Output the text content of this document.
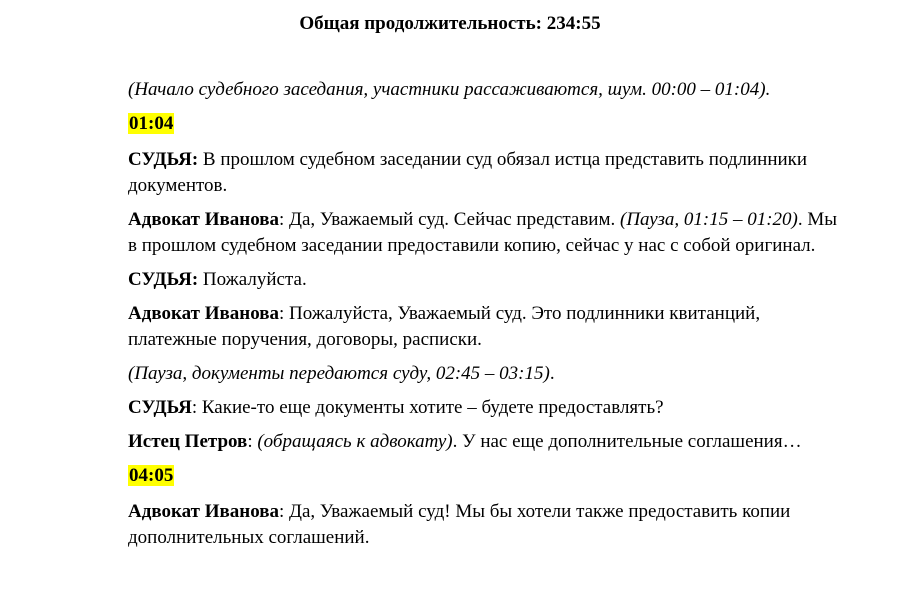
Общая продолжительность: 234:55

(Начало судебного заседания, участники рассаживаются, шум. 00:00 – 01:04).

01:04

СУДЬЯ: В прошлом судебном заседании суд обязал истца представить подлинники документов.

Адвокат Иванова: Да, Уважаемый суд. Сейчас представим. (Пауза, 01:15 – 01:20). Мы в прошлом судебном заседании предоставили копию, сейчас у нас с собой оригинал.

СУДЬЯ: Пожалуйста.

Адвокат Иванова: Пожалуйста, Уважаемый суд. Это подлинники квитанций, платежные поручения, договоры, расписки.

(Пауза, документы передаются суду, 02:45 – 03:15).

СУДЬЯ: Какие-то еще документы хотите – будете предоставлять?

Истец Петров: (обращаясь к адвокату). У нас еще дополнительные соглашения…

04:05

Адвокат Иванова: Да, Уважаемый суд! Мы бы хотели также предоставить копии дополнительных соглашений.
